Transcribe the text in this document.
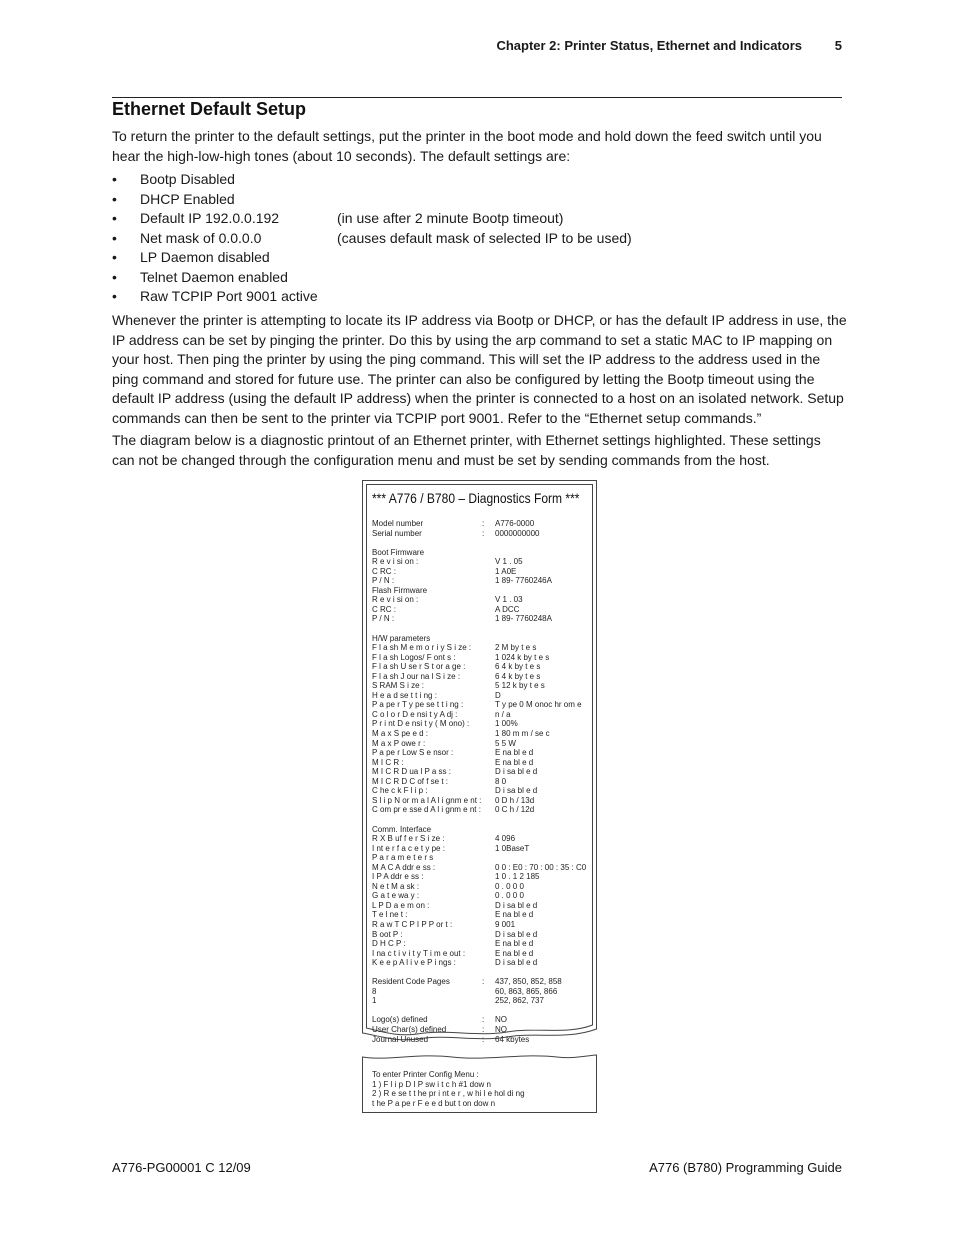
Chapter 2: Printer Status, Ethernet and Indicators	5
Ethernet Default Setup

To return the printer to the default settings, put the printer in the boot mode and hold down the feed switch until you hear the high-low-high tones (about 10 seconds). The default settings are:

• Bootp Disabled
• DHCP Enabled
• Default IP 192.0.0.192	(in use after 2 minute Bootp timeout)
• Net mask of 0.0.0.0	(causes default mask of selected IP to be used)
• LP Daemon disabled
• Telnet Daemon enabled
• Raw TCPIP Port 9001 active

Whenever the printer is attempting to locate its IP address via Bootp or DHCP, or has the default IP address in use, the IP address can be set by pinging the printer. Do this by using the arp command to set a static MAC to IP mapping on your host. Then ping the printer by using the ping command. This will set the IP address to the address used in the ping command and stored for future use. The printer can also be configured by letting the Bootp timeout using the default IP address (using the default IP address) when the printer is connected to a host on an isolated network. Setup commands can then be sent to the printer via TCPIP port 9001. Refer to the “Ethernet setup commands.”

The diagram below is a diagnostic printout of an Ethernet printer, with Ethernet settings highlighted. These settings can not be changed through the configuration menu and must be set by sending commands from the host.

*** A776 / B780 – Diagnostics Form ***
Model number	: A776-0000
Serial number	: 0000000000
Boot Firmware
R e v i si on :	V 1 . 05
C RC :	1 A0E
P / N :	1 89- 7760246A
Flash Firmware
R e v i si on :	V 1 . 03
C RC :	A DCC
P / N :	1 89- 7760248A
H/W parameters
F l a sh M e m o r i y S i ze :	2 M by t e s
F l a sh Logos/ F ont s :	1 024 k by t e s
F l a sh U se r S t or a ge :	6 4 k by t e s
F l a sh J our na l S i ze :	6 4 k by t e s
S RAM S i ze :	5 12 k by t e s
H e a d se t t i ng :	D
P a pe r T y pe se t t i ng :	T y pe 0 M onoc hr om e
C o l o r D e nsi t y A dj :	n / a
P r i nt D e nsi t y ( M ono) :	1 00%
M a x S pe e d :	1 80 m m / se c
M a x P owe r :	5 5 W
P a pe r Low S e nsor :	E na bl e d
M I C R :	E na bl e d
M I C R D ua l P a ss :	D i sa bl e d
M I C R D C of f se t :	8 0
C he c k F l i p :	D i sa bl e d
S l i p N or m a l A l i gnm e nt : 0 D h / 13d
C om pr e sse d A l i gnm e nt : 0 C h / 12d
Comm. Interface
R X B uf f e r S i ze :	4 096
I nt e r f a c e t y pe :	1 0BaseT
P a r a m e t e r s
M A C A ddr e ss :	0 0 : E0 : 70 : 00 : 35 : C0
I P A ddr e ss :	1 0 . 1 2 185
N e t M a sk :	0 . 0 0 0
G a t e wa y :	0 . 0 0 0
L P D a e m on :	D i sa bl e d
T e l ne t :	E na bl e d
R a w T C P I P P or t :	9 001
B oot P :	D i sa bl e d
D H C P :	E na bl e d
I na c t i v i t y T i m e out :	E na bl e d
K e e p A l i v e P i ngs :	D i sa bl e d
Resident Code Pages	: 437, 850, 852, 858
8	60, 863, 865, 866
1	252, 862, 737
Logo(s) defined	: NO
User Char(s) defined	: NO
Journal Unused	: 64 kbytes
To enter Printer Config Menu :
1 ) F l i p D I P sw i t c h #1 dow n
2 ) R e se t t he pr i nt e r , w hi l e hol di ng
t he P a pe r F e e d but t on dow n
A776-PG00001 C 12/09	A776 (B780) Programming Guide
